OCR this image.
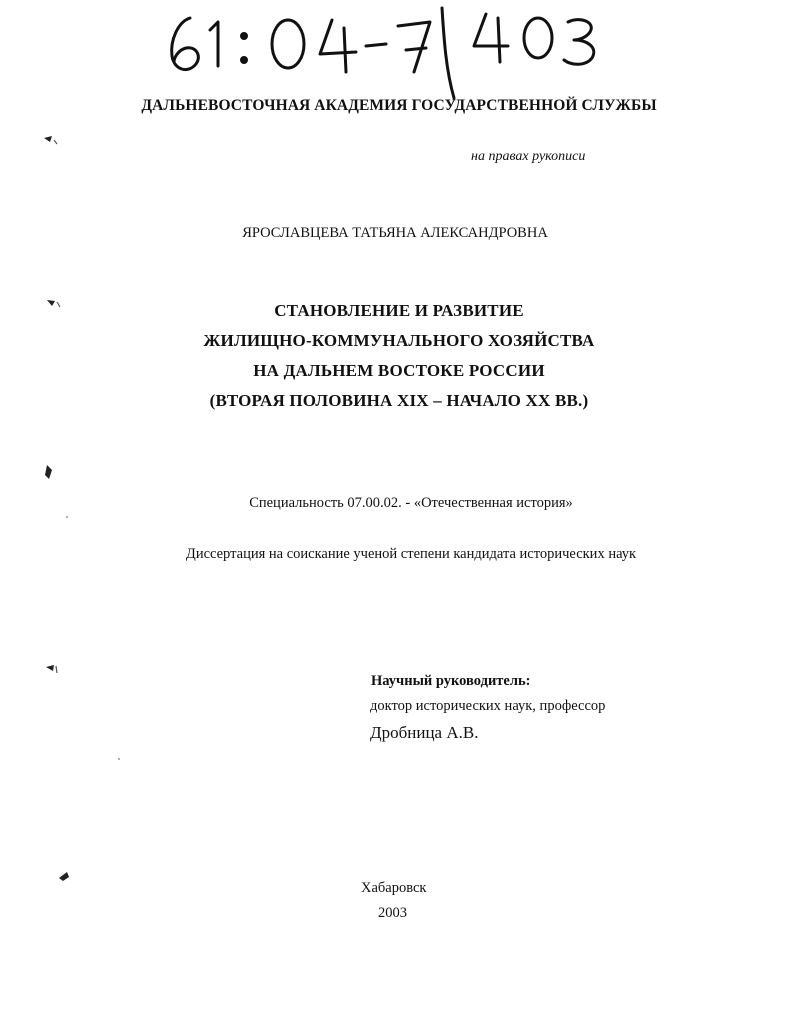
ДАЛЬНЕВОСТОЧНАЯ АКАДЕМИЯ ГОСУДАРСТВЕННОЙ СЛУЖБЫ
на правах рукописи
ЯРОСЛАВЦЕВА ТАТЬЯНА АЛЕКСАНДРОВНА
СТАНОВЛЕНИЕ И РАЗВИТИЕ
ЖИЛИЩНО-КОММУНАЛЬНОГО ХОЗЯЙСТВА
НА ДАЛЬНЕМ ВОСТОКЕ РОССИИ
(ВТОРАЯ ПОЛОВИНА XIX – НАЧАЛО XX ВВ.)
Специальность 07.00.02. - «Отечественная история»
Диссертация на соискание ученой степени кандидата исторических наук
Научный руководитель:
доктор исторических наук, профессор
Дробница А.В.
Хабаровск
2003
